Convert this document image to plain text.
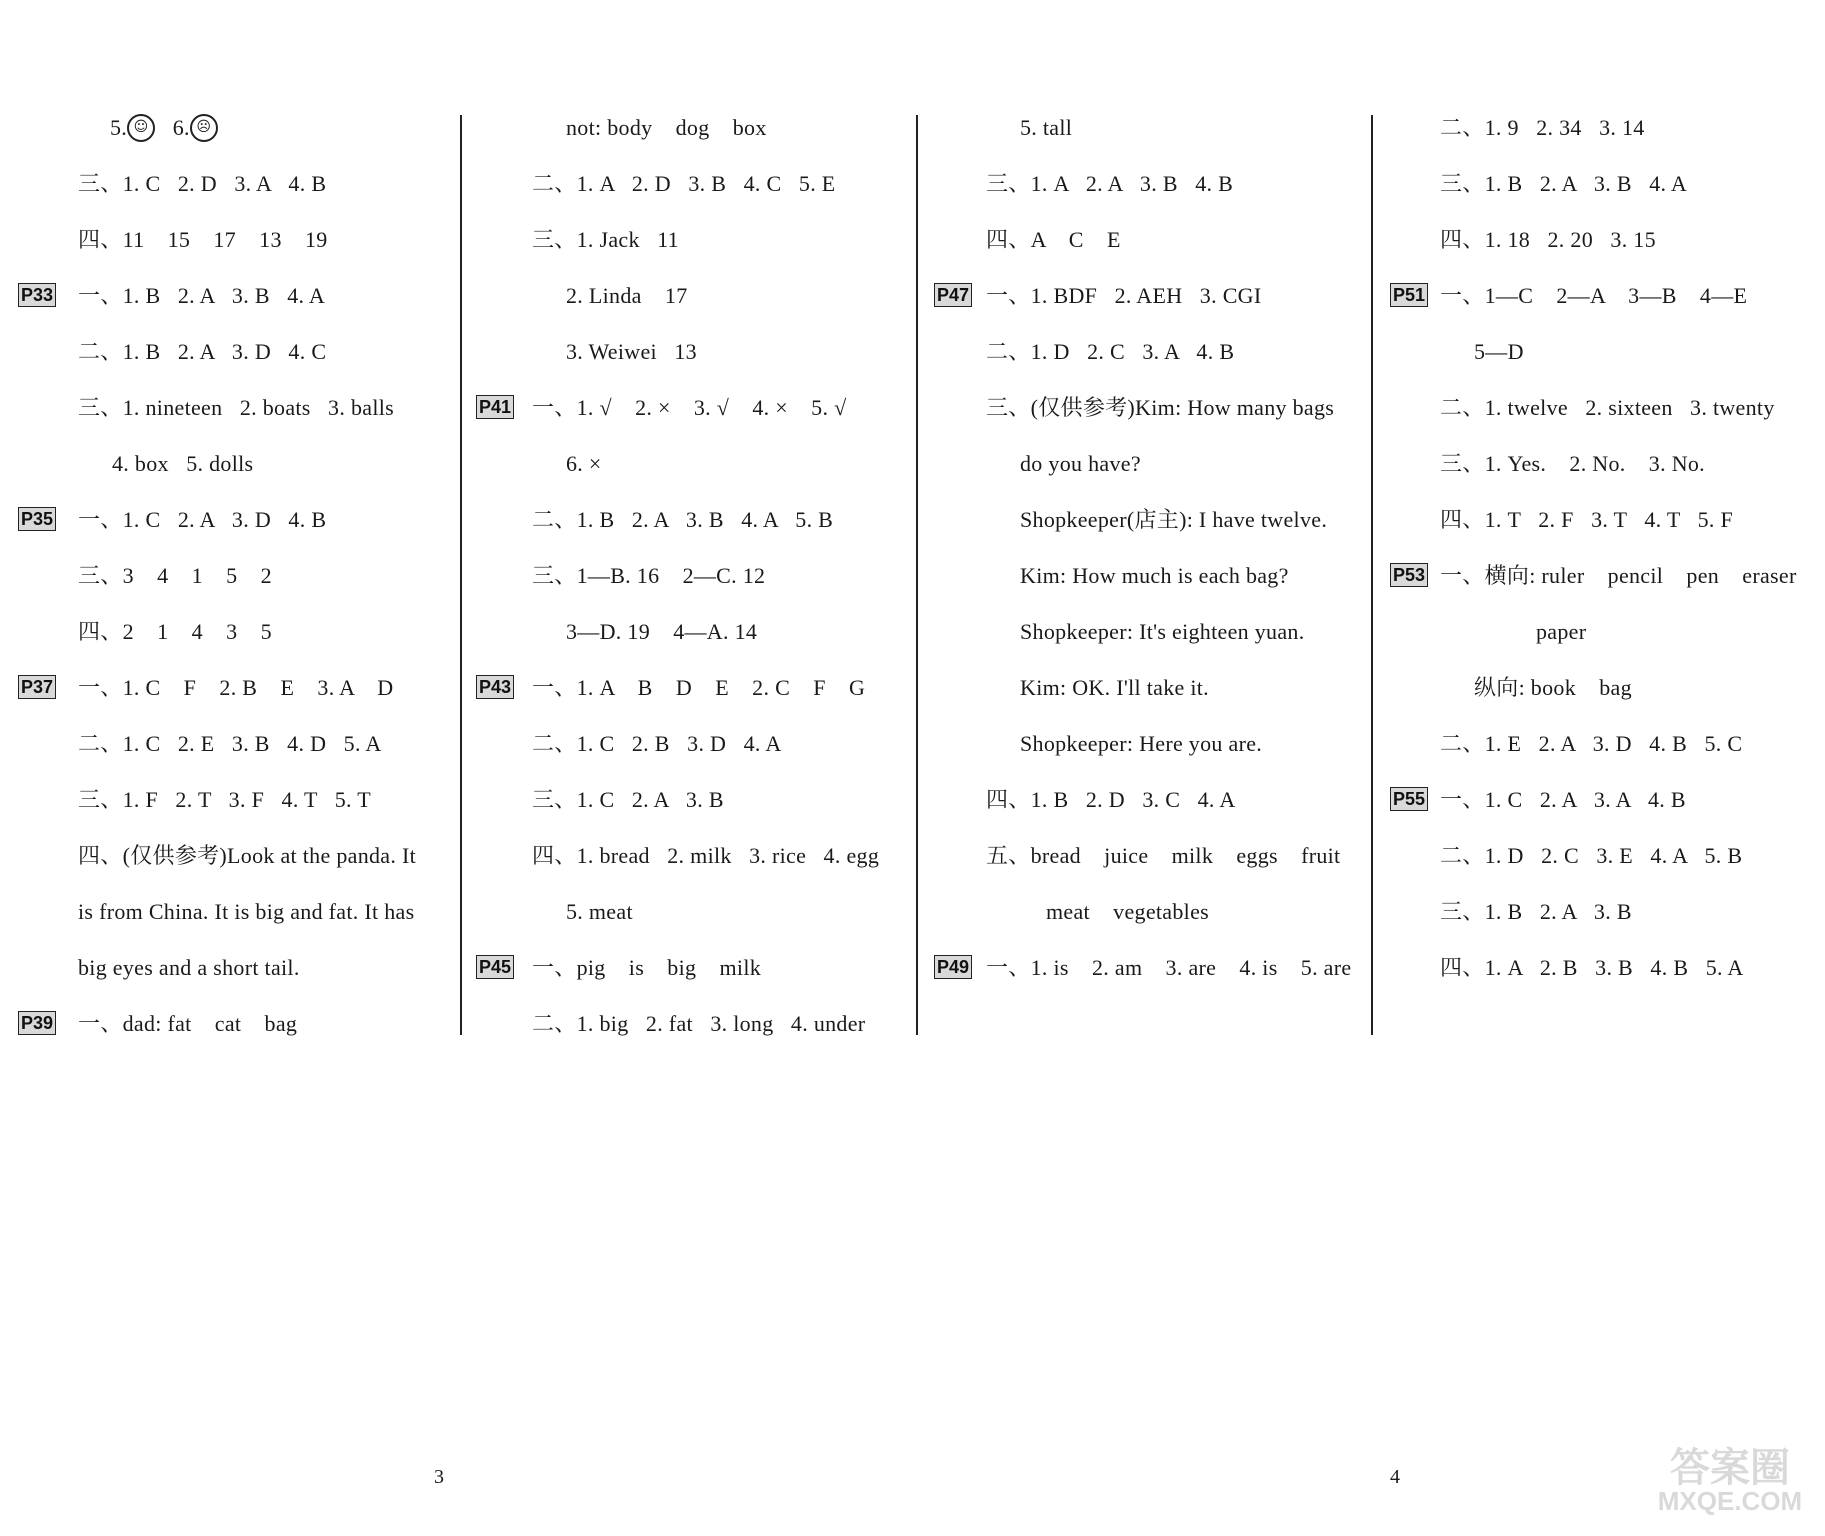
5. ☺  6. ☹
三、1. C   2. D   3. A   4. B
四、11    15    17    13    19
P33 一、1. B   2. A   3. B   4. A
二、1. B   2. A   3. D   4. C
三、1. nineteen   2. boats   3. balls
4. box   5. dolls
P35 一、1. C   2. A   3. D   4. B
三、3    4    1    5    2
四、2    1    4    3    5
P37 一、1. C    F    2. B    E    3. A    D
二、1. C   2. E   3. B   4. D   5. A
三、1. F   2. T   3. F   4. T   5. T
四、(仅供参考)Look at the panda. It
is from China. It is big and fat. It has
big eyes and a short tail.
P39 一、dad: fat    cat    bag
not: body    dog    box
二、1. A   2. D   3. B   4. C   5. E
三、1. Jack   11
2. Linda    17
3. Weiwei   13
P41 一、1. √    2. ×    3. √    4. ×    5. √
6. ×
二、1. B   2. A   3. B   4. A   5. B
三、1—B. 16    2—C. 12
3—D. 19    4—A. 14
P43 一、1. A    B    D    E    2. C    F    G
二、1. C   2. B   3. D   4. A
三、1. C   2. A   3. B
四、1. bread   2. milk   3. rice   4. egg
5. meat
P45 一、pig    is    big    milk
二、1. big   2. fat   3. long   4. under
5. tall
三、1. A   2. A   3. B   4. B
四、A    C    E
P47 一、1. BDF   2. AEH   3. CGI
二、1. D   2. C   3. A   4. B
三、(仅供参考)Kim: How many bags
do you have?
Shopkeeper(店主): I have twelve.
Kim: How much is each bag?
Shopkeeper: It's eighteen yuan.
Kim: OK. I'll take it.
Shopkeeper: Here you are.
四、1. B   2. D   3. C   4. A
五、bread    juice    milk    eggs    fruit
meat    vegetables
P49 一、1. is    2. am    3. are    4. is    5. are
二、1. 9   2. 34   3. 14
三、1. B   2. A   3. B   4. A
四、1. 18   2. 20   3. 15
P51 一、1—C    2—A    3—B    4—E
5—D
二、1. twelve   2. sixteen   3. twenty
三、1. Yes.    2. No.    3. No.
四、1. T   2. F   3. T   4. T   5. F
P53 一、横向: ruler    pencil    pen    eraser
paper
纵向: book    bag
二、1. E   2. A   3. D   4. B   5. C
P55 一、1. C   2. A   3. A   4. B
二、1. D   2. C   3. E   4. A   5. B
三、1. B   2. A   3. B
四、1. A   2. B   3. B   4. B   5. A
3	4	答案圈
MXQE.COM
